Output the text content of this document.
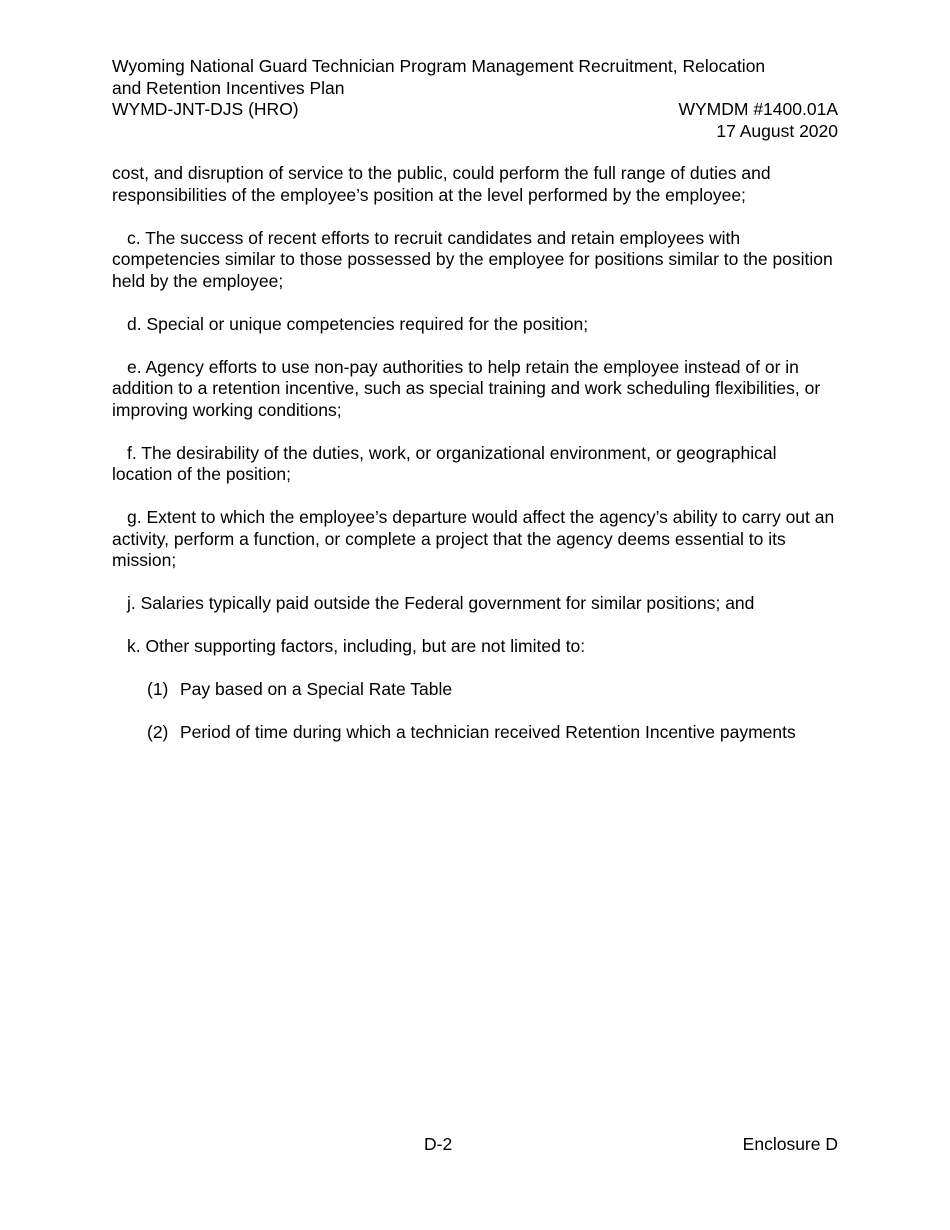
Wyoming National Guard Technician Program Management Recruitment, Relocation
and Retention Incentives Plan
WYMD-JNT-DJS (HRO)	WYMDM #1400.01A
17 August 2020

cost, and disruption of service to the public, could perform the full range of duties and responsibilities of the employee’s position at the level performed by the employee;

c. The success of recent efforts to recruit candidates and retain employees with competencies similar to those possessed by the employee for positions similar to the position held by the employee;

d. Special or unique competencies required for the position;

e. Agency efforts to use non-pay authorities to help retain the employee instead of or in addition to a retention incentive, such as special training and work scheduling flexibilities, or improving working conditions;

f. The desirability of the duties, work, or organizational environment, or geographical location of the position;

g. Extent to which the employee’s departure would affect the agency’s ability to carry out an activity, perform a function, or complete a project that the agency deems essential to its mission;

j. Salaries typically paid outside the Federal government for similar positions; and

k. Other supporting factors, including, but are not limited to:

(1) Pay based on a Special Rate Table

(2) Period of time during which a technician received Retention Incentive payments

D-2	Enclosure D
